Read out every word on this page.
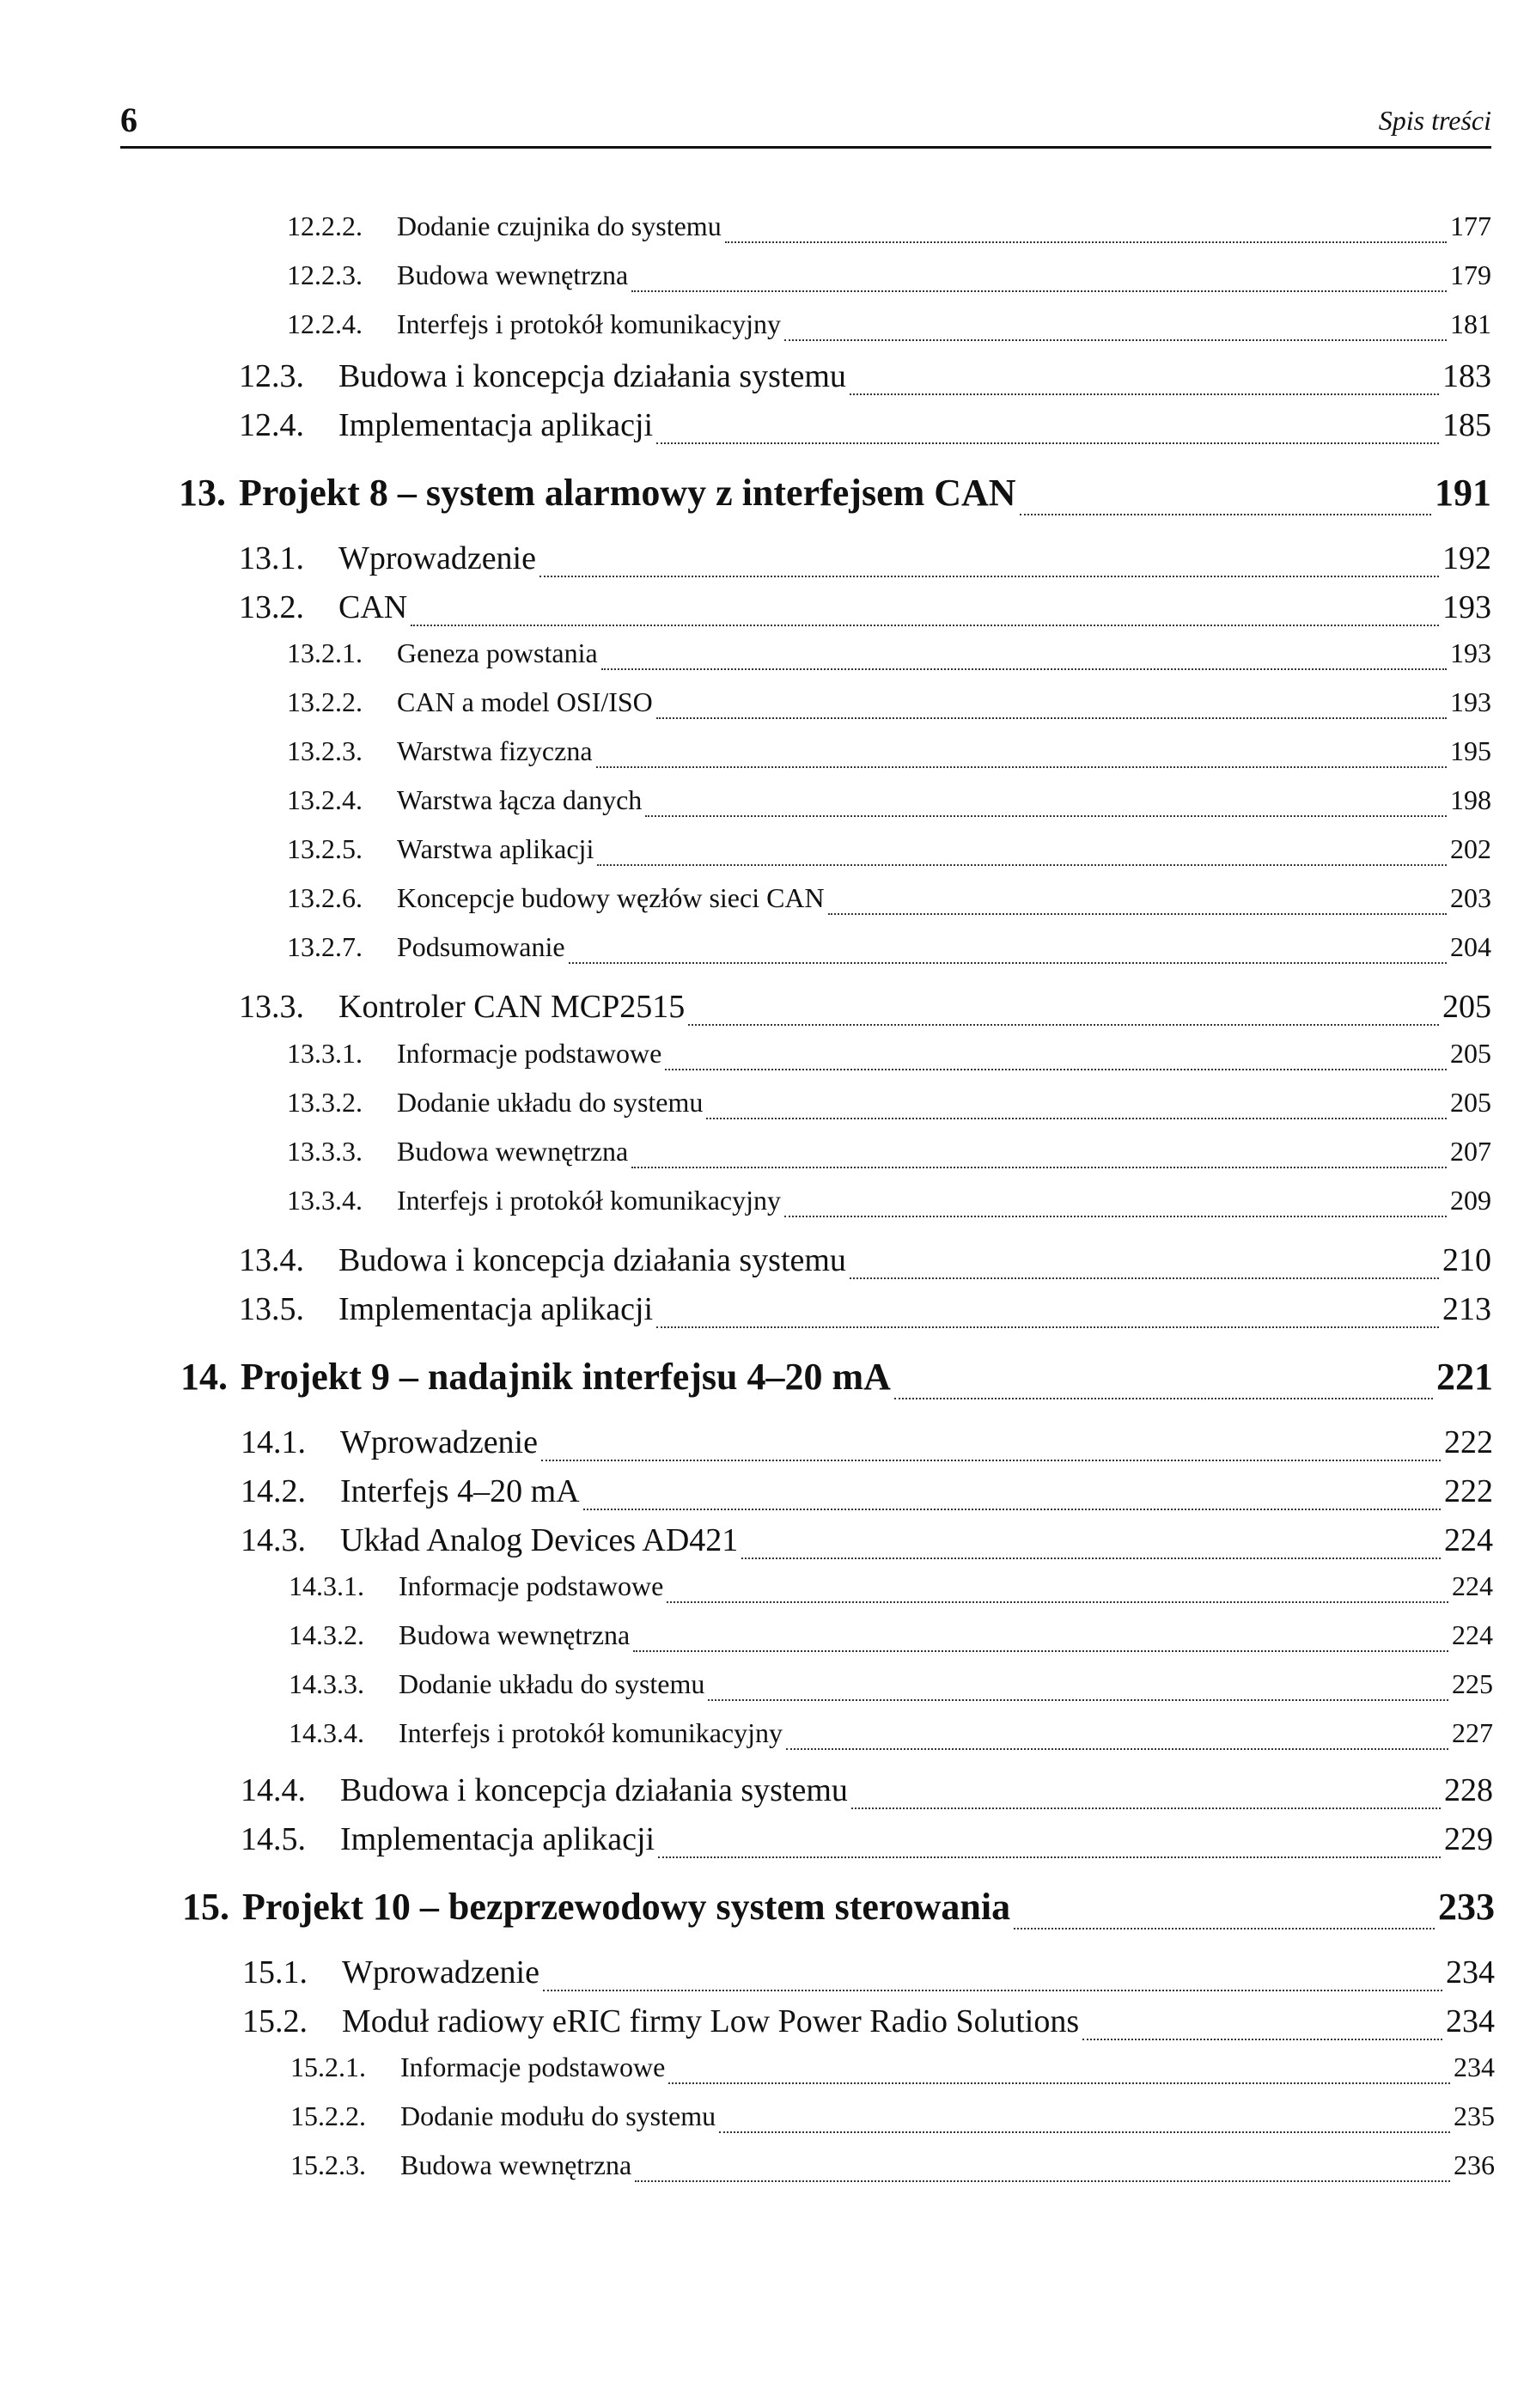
6	Spis treści
12.2.2.	Dodanie czujnika do systemu	177
12.2.3.	Budowa wewnętrzna	179
12.2.4.	Interfejs i protokół komunikacyjny	181
12.3.	Budowa i koncepcja działania systemu	183
12.4.	Implementacja aplikacji	185
13. Projekt 8 – system alarmowy z interfejsem CAN	191
13.1.	Wprowadzenie	192
13.2.	CAN	193
13.2.1.	Geneza powstania	193
13.2.2.	CAN a model OSI/ISO	193
13.2.3.	Warstwa fizyczna	195
13.2.4.	Warstwa łącza danych	198
13.2.5.	Warstwa aplikacji	202
13.2.6.	Koncepcje budowy węzłów sieci CAN	203
13.2.7.	Podsumowanie	204
13.3.	Kontroler CAN MCP2515	205
13.3.1.	Informacje podstawowe	205
13.3.2.	Dodanie układu do systemu	205
13.3.3.	Budowa wewnętrzna	207
13.3.4.	Interfejs i protokół komunikacyjny	209
13.4.	Budowa i koncepcja działania systemu	210
13.5.	Implementacja aplikacji	213
14. Projekt 9 – nadajnik interfejsu 4–20 mA	221
14.1.	Wprowadzenie	222
14.2.	Interfejs 4–20 mA	222
14.3.	Układ Analog Devices AD421	224
14.3.1.	Informacje podstawowe	224
14.3.2.	Budowa wewnętrzna	224
14.3.3.	Dodanie układu do systemu	225
14.3.4.	Interfejs i protokół komunikacyjny	227
14.4.	Budowa i koncepcja działania systemu	228
14.5.	Implementacja aplikacji	229
15. Projekt 10 – bezprzewodowy system sterowania	233
15.1.	Wprowadzenie	234
15.2.	Moduł radiowy eRIC firmy Low Power Radio Solutions	234
15.2.1.	Informacje podstawowe	234
15.2.2.	Dodanie modułu do systemu	235
15.2.3.	Budowa wewnętrzna	236
